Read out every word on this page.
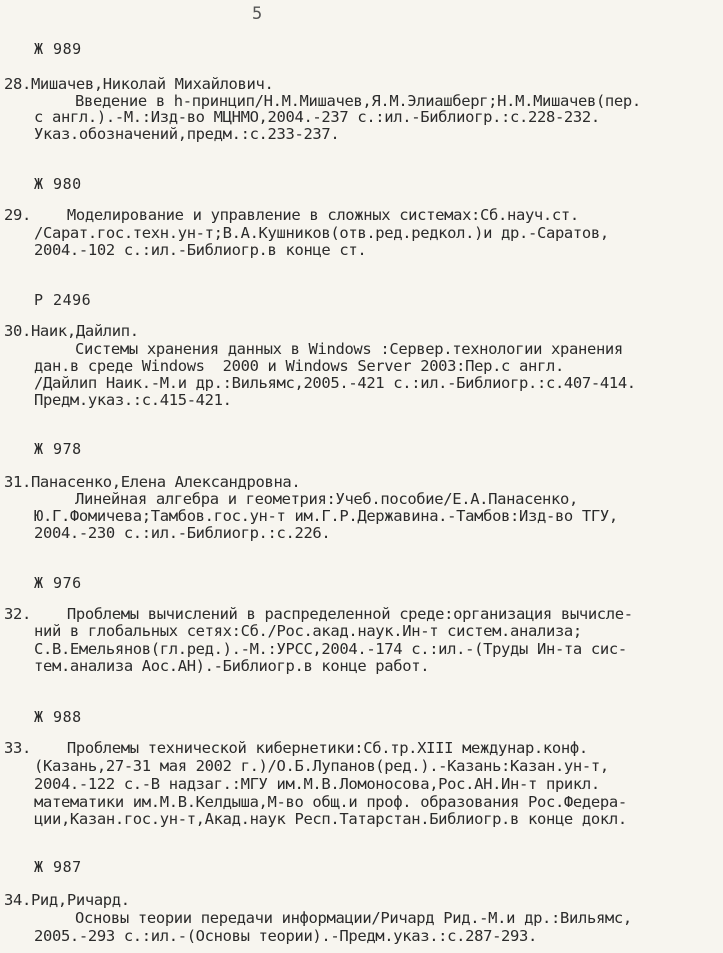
5
Ж 989
28.Мишачев,Николай Михайлович.
Введение в h-принцип/Н.М.Мишачев,Я.М.Элиашберг;Н.М.Мишачев(пер.
с англ.).-М.:Изд-во МЦНМО,2004.-237 с.:ил.-Библиогр.:с.228-232.
Указ.обозначений,предм.:с.233-237.
Ж 980
29.    Моделирование и управление в сложных системах:Сб.науч.ст.
/Сарат.гос.техн.ун-т;В.А.Кушников(отв.ред.редкол.)и др.-Саратов,
2004.-102 с.:ил.-Библиогр.в конце ст.
Р 2496
30.Наик,Дайлип.
Системы хранения данных в Windows :Сервер.технологии хранения
дан.в среде Windows  2000 и Windows Server 2003:Пер.с англ.
/Дайлип Наик.-М.и др.:Вильямс,2005.-421 с.:ил.-Библиогр.:с.407-414.
Предм.указ.:с.415-421.
Ж 978
31.Панасенко,Елена Александровна.
Линейная алгебра и геометрия:Учеб.пособие/Е.А.Панасенко,
Ю.Г.Фомичева;Тамбов.гос.ун-т им.Г.Р.Державина.-Тамбов:Изд-во ТГУ,
2004.-230 с.:ил.-Библиогр.:с.226.
Ж 976
32.    Проблемы вычислений в распределенной среде:организация вычисле-
ний в глобальных сетях:Сб./Рос.акад.наук.Ин-т систем.анализа;
С.В.Емельянов(гл.ред.).-М.:УРСС,2004.-174 с.:ил.-(Труды Ин-та сис-
тем.анализа Аос.АН).-Библиогр.в конце работ.
Ж 988
33.    Проблемы технической кибернетики:Сб.тр.XIII междунар.конф.
(Казань,27-31 мая 2002 г.)/О.Б.Лупанов(ред.).-Казань:Казан.ун-т,
2004.-122 с.-В надзаг.:МГУ им.М.В.Ломоносова,Рос.АН.Ин-т прикл.
математики им.М.В.Келдыша,М-во общ.и проф. образования Рос.Федера-
ции,Казан.гос.ун-т,Акад.наук Респ.Татарстан.Библиогр.в конце докл.
Ж 987
34.Рид,Ричард.
Основы теории передачи информации/Ричард Рид.-М.и др.:Вильямс,
2005.-293 с.:ил.-(Основы теории).-Предм.указ.:с.287-293.
